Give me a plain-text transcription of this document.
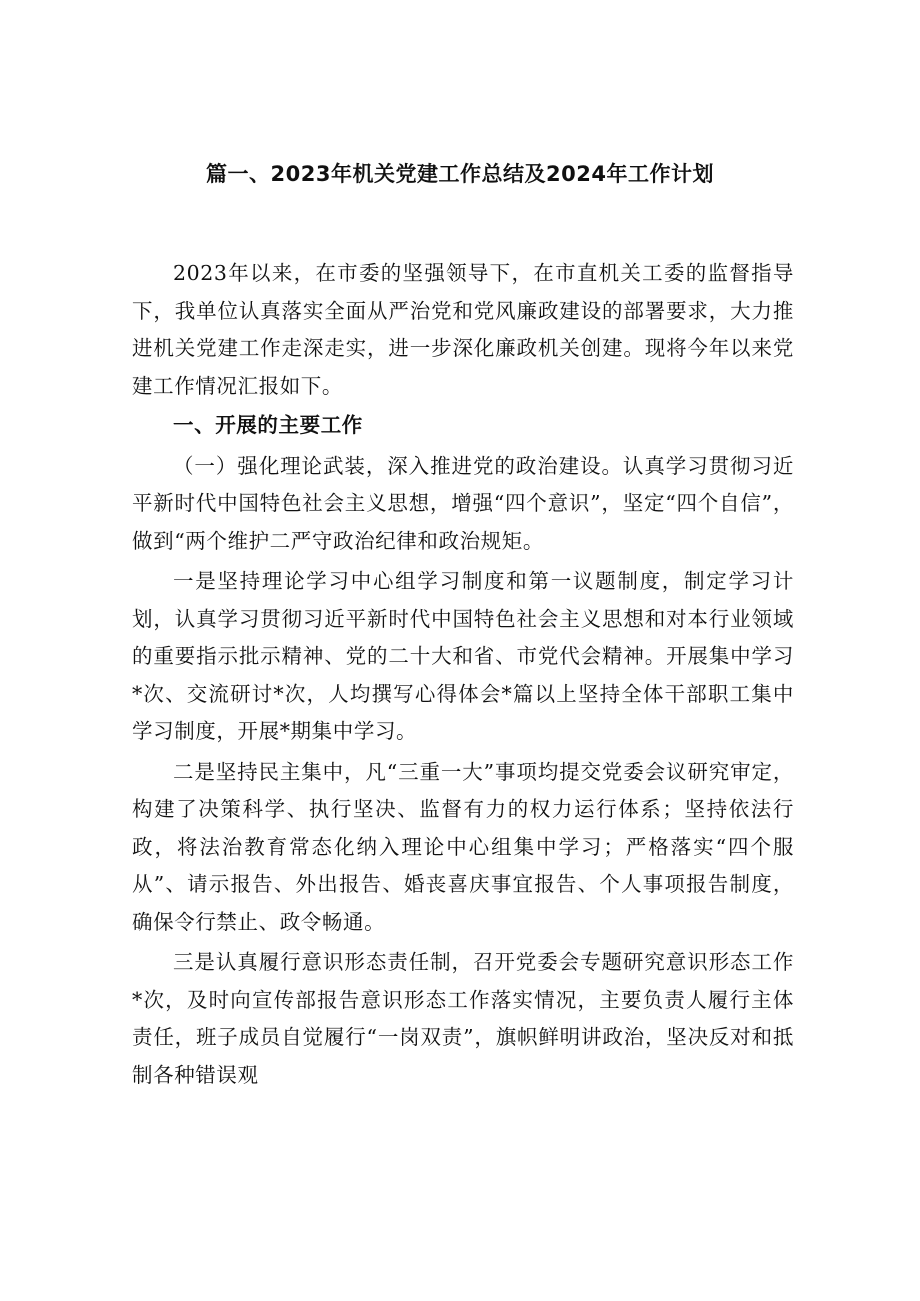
篇一、2023年机关党建工作总结及2024年工作计划

2023年以来，在市委的坚强领导下，在市直机关工委的监督指导下，我单位认真落实全面从严治党和党风廉政建设的部署要求，大力推进机关党建工作走深走实，进一步深化廉政机关创建。现将今年以来党建工作情况汇报如下。

一、开展的主要工作

（一）强化理论武装，深入推进党的政治建设。认真学习贯彻习近平新时代中国特色社会主义思想，增强“四个意识”，坚定“四个自信”，做到“两个维护二严守政治纪律和政治规矩。

一是坚持理论学习中心组学习制度和第一议题制度，制定学习计划，认真学习贯彻习近平新时代中国特色社会主义思想和对本行业领域的重要指示批示精神、党的二十大和省、市党代会精神。开展集中学习*次、交流研讨*次，人均撰写心得体会*篇以上坚持全体干部职工集中学习制度，开展*期集中学习。

二是坚持民主集中，凡“三重一大”事项均提交党委会议研究审定，构建了决策科学、执行坚决、监督有力的权力运行体系；坚持依法行政，将法治教育常态化纳入理论中心组集中学习；严格落实“四个服从”、请示报告、外出报告、婚丧喜庆事宜报告、个人事项报告制度，确保令行禁止、政令畅通。

三是认真履行意识形态责任制，召开党委会专题研究意识形态工作*次，及时向宣传部报告意识形态工作落实情况，主要负责人履行主体责任，班子成员自觉履行“一岗双责”，旗帜鲜明讲政治，坚决反对和抵制各种错误观
